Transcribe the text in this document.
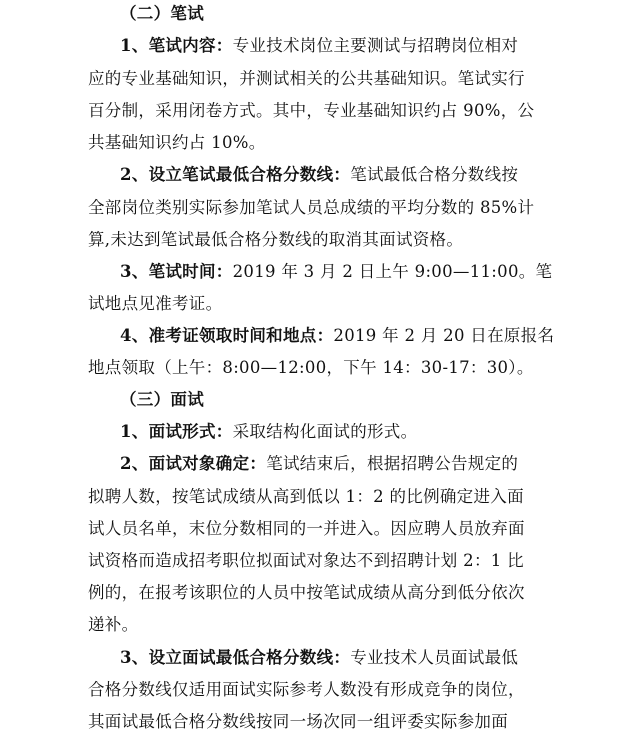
（二）笔试
1、笔试内容：专业技术岗位主要测试与招聘岗位相对
应的专业基础知识，并测试相关的公共基础知识。笔试实行
百分制，采用闭卷方式。其中，专业基础知识约占 90%，公
共基础知识约占 10%。
2、设立笔试最低合格分数线：笔试最低合格分数线按
全部岗位类别实际参加笔试人员总成绩的平均分数的 85%计
算,未达到笔试最低合格分数线的取消其面试资格。
3、笔试时间：2019 年 3 月 2 日上午 9:00—11:00。笔
试地点见准考证。
4、准考证领取时间和地点：2019 年 2 月 20 日在原报名
地点领取（上午：8:00—12:00，下午 14：30-17：30）。
（三）面试
1、面试形式：采取结构化面试的形式。
2、面试对象确定：笔试结束后，根据招聘公告规定的
拟聘人数，按笔试成绩从高到低以 1：2 的比例确定进入面
试人员名单，末位分数相同的一并进入。因应聘人员放弃面
试资格而造成招考职位拟面试对象达不到招聘计划 2：1 比
例的，在报考该职位的人员中按笔试成绩从高分到低分依次
递补。
3、设立面试最低合格分数线：专业技术人员面试最低
合格分数线仅适用面试实际参考人数没有形成竞争的岗位，
其面试最低合格分数线按同一场次同一组评委实际参加面
